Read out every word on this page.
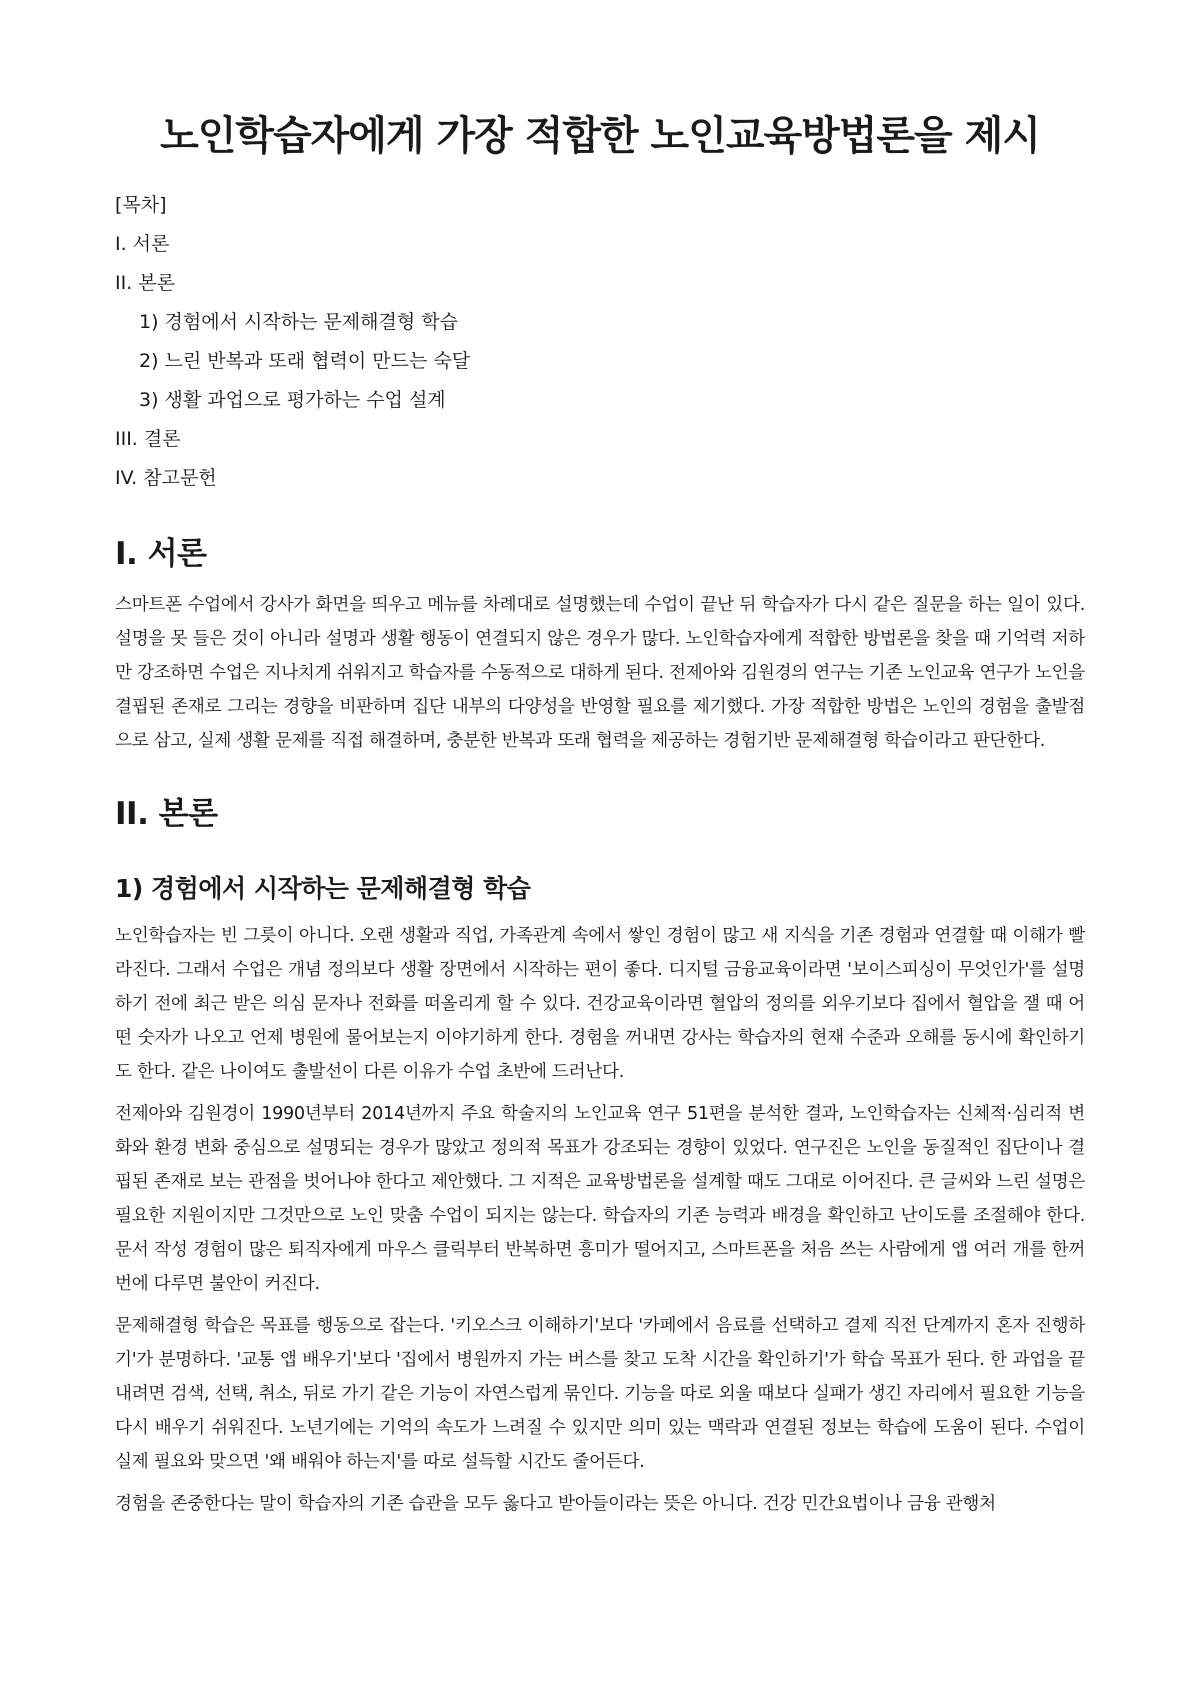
노인학습자에게 가장 적합한 노인교육방법론을 제시
[목차]
I. 서론
II. 본론
1) 경험에서 시작하는 문제해결형 학습
2) 느린 반복과 또래 협력이 만드는 숙달
3) 생활 과업으로 평가하는 수업 설계
III. 결론
IV. 참고문헌
I. 서론

스마트폰 수업에서 강사가 화면을 띄우고 메뉴를 차례대로 설명했는데 수업이 끝난 뒤 학습자가 다시 같은 질문을 하는 일이 있다. 설명을 못 들은 것이 아니라 설명과 생활 행동이 연결되지 않은 경우가 많다. 노인학습자에게 적합한 방법론을 찾을 때 기억력 저하만 강조하면 수업은 지나치게 쉬워지고 학습자를 수동적으로 대하게 된다. 전제아와 김원경의 연구는 기존 노인교육 연구가 노인을 결핍된 존재로 그리는 경향을 비판하며 집단 내부의 다양성을 반영할 필요를 제기했다. 가장 적합한 방법은 노인의 경험을 출발점으로 삼고, 실제 생활 문제를 직접 해결하며, 충분한 반복과 또래 협력을 제공하는 경험기반 문제해결형 학습이라고 판단한다.

II. 본론
1) 경험에서 시작하는 문제해결형 학습

노인학습자는 빈 그릇이 아니다. 오랜 생활과 직업, 가족관계 속에서 쌓인 경험이 많고 새 지식을 기존 경험과 연결할 때 이해가 빨라진다. 그래서 수업은 개념 정의보다 생활 장면에서 시작하는 편이 좋다. 디지털 금융교육이라면 '보이스피싱이 무엇인가'를 설명하기 전에 최근 받은 의심 문자나 전화를 떠올리게 할 수 있다. 건강교육이라면 혈압의 정의를 외우기보다 집에서 혈압을 잴 때 어떤 숫자가 나오고 언제 병원에 물어보는지 이야기하게 한다. 경험을 꺼내면 강사는 학습자의 현재 수준과 오해를 동시에 확인하기도 한다. 같은 나이여도 출발선이 다른 이유가 수업 초반에 드러난다.

전제아와 김원경이 1990년부터 2014년까지 주요 학술지의 노인교육 연구 51편을 분석한 결과, 노인학습자는 신체적·심리적 변화와 환경 변화 중심으로 설명되는 경우가 많았고 정의적 목표가 강조되는 경향이 있었다. 연구진은 노인을 동질적인 집단이나 결핍된 존재로 보는 관점을 벗어나야 한다고 제안했다. 그 지적은 교육방법론을 설계할 때도 그대로 이어진다. 큰 글씨와 느린 설명은 필요한 지원이지만 그것만으로 노인 맞춤 수업이 되지는 않는다. 학습자의 기존 능력과 배경을 확인하고 난이도를 조절해야 한다. 문서 작성 경험이 많은 퇴직자에게 마우스 클릭부터 반복하면 흥미가 떨어지고, 스마트폰을 처음 쓰는 사람에게 앱 여러 개를 한꺼번에 다루면 불안이 커진다.

문제해결형 학습은 목표를 행동으로 잡는다. '키오스크 이해하기'보다 '카페에서 음료를 선택하고 결제 직전 단계까지 혼자 진행하기'가 분명하다. '교통 앱 배우기'보다 '집에서 병원까지 가는 버스를 찾고 도착 시간을 확인하기'가 학습 목표가 된다. 한 과업을 끝내려면 검색, 선택, 취소, 뒤로 가기 같은 기능이 자연스럽게 묶인다. 기능을 따로 외울 때보다 실패가 생긴 자리에서 필요한 기능을 다시 배우기 쉬워진다. 노년기에는 기억의 속도가 느려질 수 있지만 의미 있는 맥락과 연결된 정보는 학습에 도움이 된다. 수업이 실제 필요와 맞으면 '왜 배워야 하는지'를 따로 설득할 시간도 줄어든다.

경험을 존중한다는 말이 학습자의 기존 습관을 모두 옳다고 받아들이라는 뜻은 아니다. 건강 민간요법이나 금융 관행처
